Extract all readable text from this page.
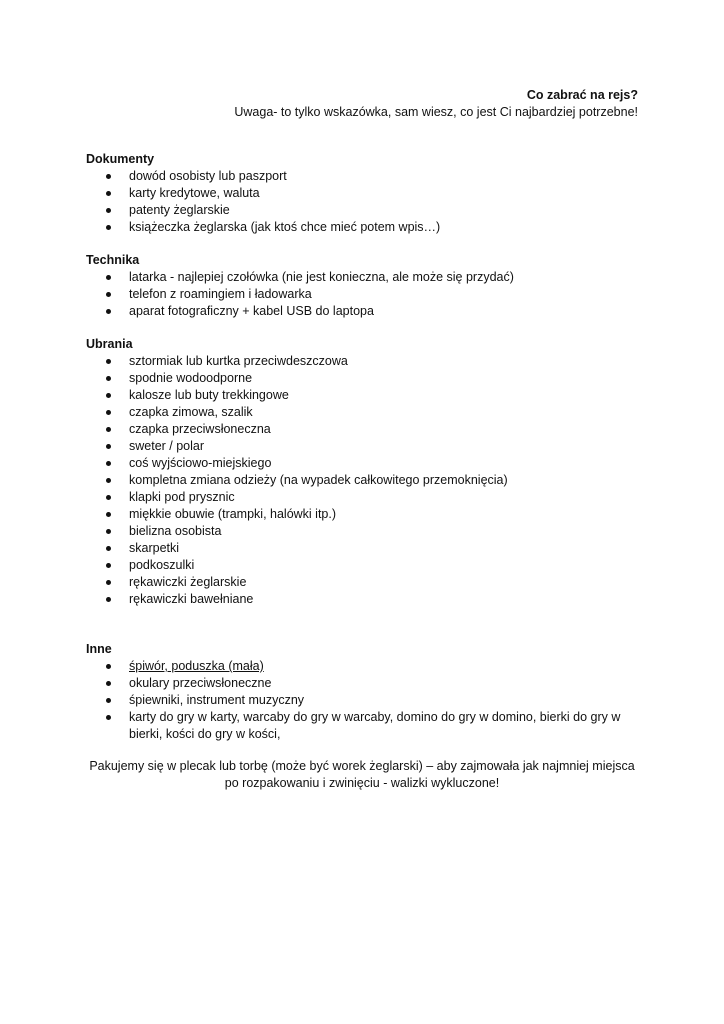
Co zabrać na rejs?
Uwaga- to tylko wskazówka, sam wiesz, co jest Ci najbardziej potrzebne!
Dokumenty
dowód osobisty lub paszport
karty kredytowe, waluta
patenty żeglarskie
książeczka żeglarska (jak ktoś chce mieć potem wpis…)
Technika
latarka - najlepiej czołówka (nie jest konieczna, ale może się przydać)
telefon z roamingiem i ładowarka
aparat fotograficzny + kabel USB do laptopa
Ubrania
sztormiak lub kurtka przeciwdeszczowa
spodnie wodoodporne
kalosze lub buty trekkingowe
czapka zimowa, szalik
czapka przeciwsłoneczna
sweter / polar
coś wyjściowo-miejskiego
kompletna zmiana odzieży (na wypadek całkowitego przemoknięcia)
klapki pod prysznic
miękkie obuwie (trampki, halówki itp.)
bielizna osobista
skarpetki
podkoszulki
rękawiczki żeglarskie
rękawiczki bawełniane
Inne
śpiwór, poduszka (mała)
okulary przeciwsłoneczne
śpiewniki, instrument muzyczny
karty do gry w karty, warcaby do gry w warcaby, domino do gry w domino, bierki do gry w bierki, kości do gry w kości,
Pakujemy się w plecak lub torbę (może być worek żeglarski) – aby zajmowała jak najmniej miejsca po rozpakowaniu i zwinięciu - walizki wykluczone!
